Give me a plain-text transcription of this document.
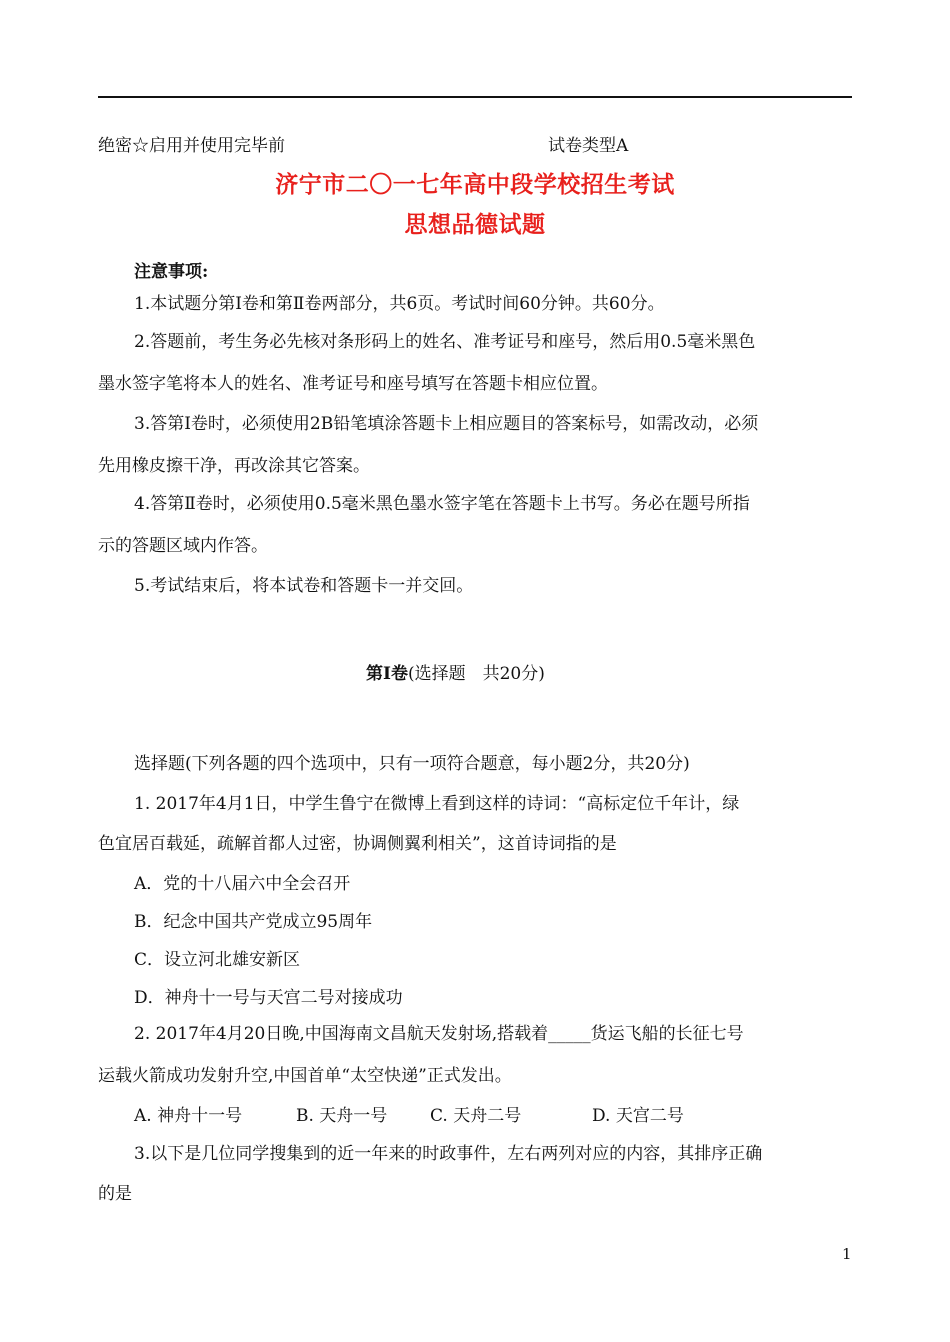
绝密☆启用并使用完毕前	试卷类型A
济宁市二〇一七年高中段学校招生考试
思想品德试题
注意事项:
1.本试题分第Ⅰ卷和第Ⅱ卷两部分，共6页。考试时间60分钟。共60分。
2.答题前，考生务必先核对条形码上的姓名、准考证号和座号，然后用0.5毫米黑色
墨水签字笔将本人的姓名、准考证号和座号填写在答题卡相应位置。
3.答第Ⅰ卷时，必须使用2B铅笔填涂答题卡上相应题目的答案标号，如需改动，必须
先用橡皮擦干净，再改涂其它答案。
4.答第Ⅱ卷时，必须使用0.5毫米黑色墨水签字笔在答题卡上书写。务必在题号所指
示的答题区域内作答。
5.考试结束后，将本试卷和答题卡一并交回。
第Ⅰ卷(选择题　共20分)
选择题(下列各题的四个选项中，只有一项符合题意，每小题2分，共20分)
1. 2017年4月1日，中学生鲁宁在微博上看到这样的诗词：“高标定位千年计，绿
色宜居百载延，疏解首都人过密，协调侧翼利相关”，这首诗词指的是
A．党的十八届六中全会召开
B．纪念中国共产党成立95周年
C．设立河北雄安新区
D．神舟十一号与天宫二号对接成功
2. 2017年4月20日晚,中国海南文昌航天发射场,搭载着_____货运飞船的长征七号
运载火箭成功发射升空,中国首单“太空快递”正式发出。
A. 神舟十一号	B. 天舟一号	C. 天舟二号	D. 天宫二号
3.以下是几位同学搜集到的近一年来的时政事件，左右两列对应的内容，其排序正确
的是
1
